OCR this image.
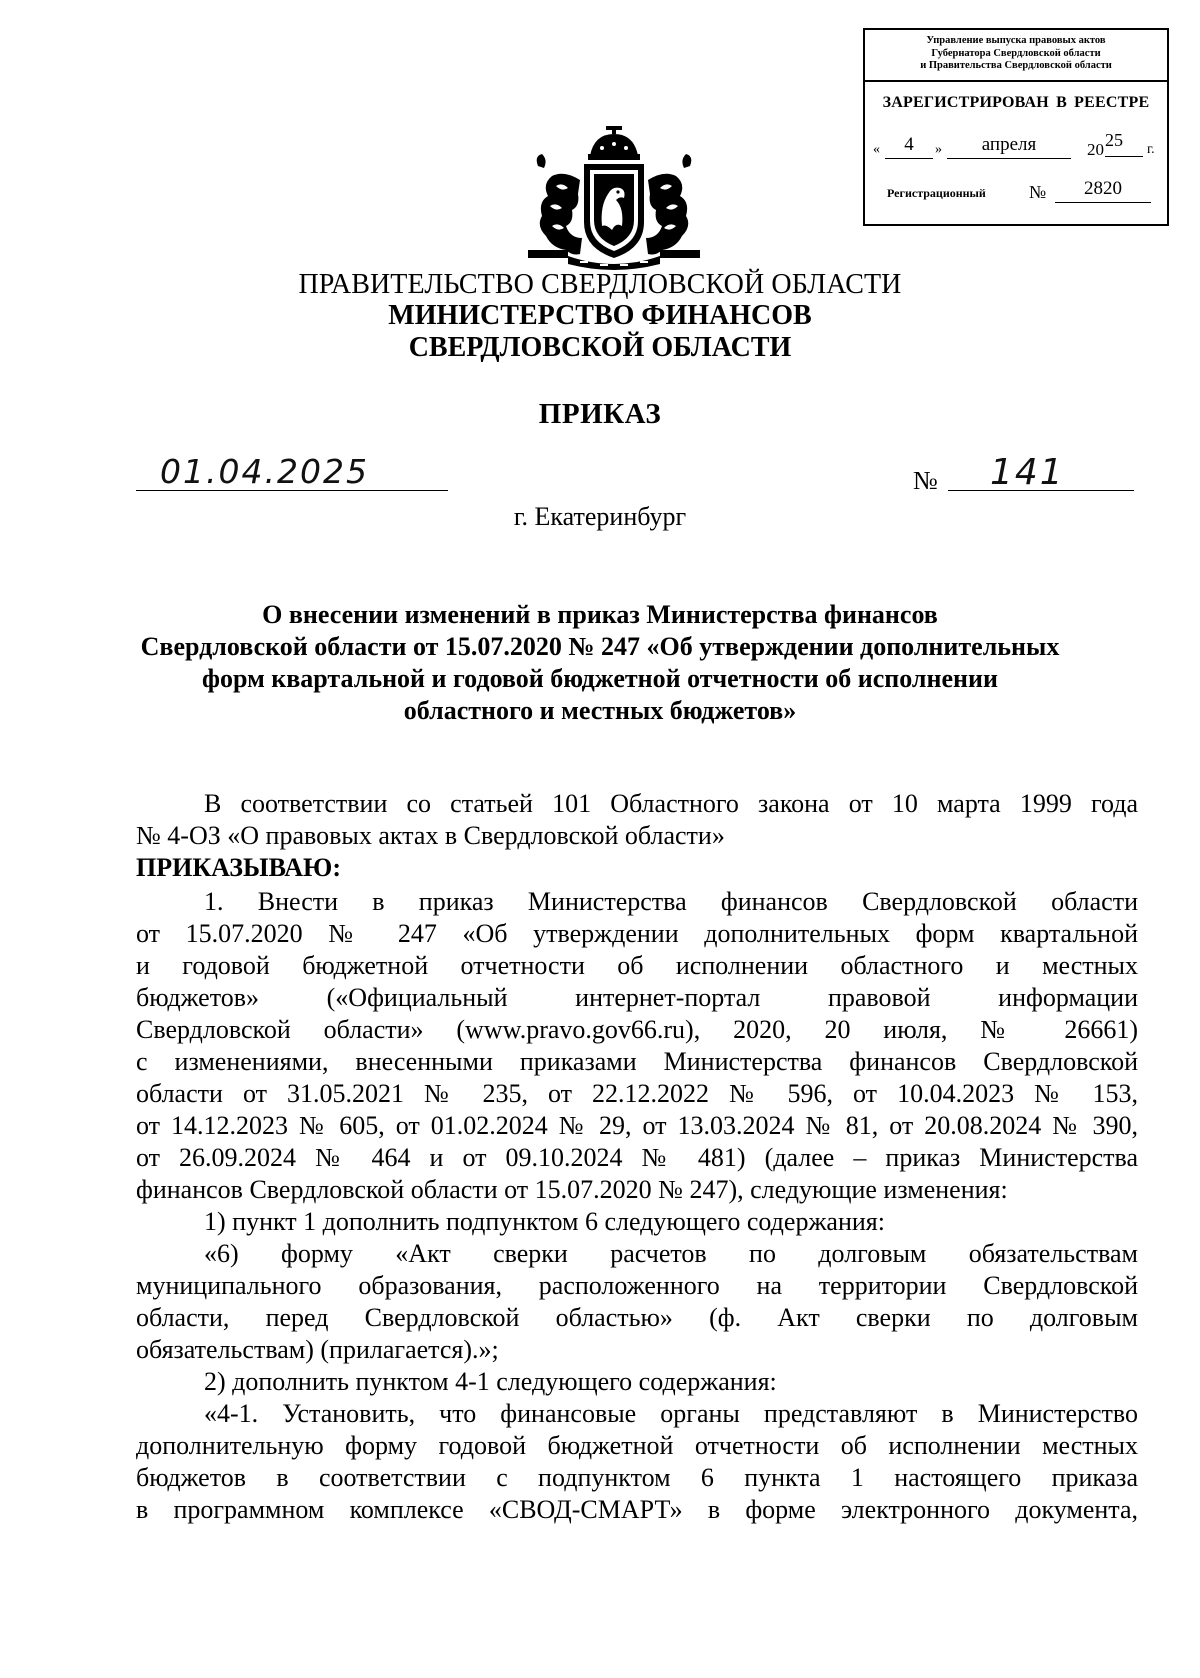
Управление выпуска правовых актов
Губернатора Свердловской области
и Правительства Свердловской области
ЗАРЕГИСТРИРОВАН В РЕЕСТРЕ
«	4	»	апреля	20 25	г.
Регистрационный №	2820
ПРАВИТЕЛЬСТВО СВЕРДЛОВСКОЙ ОБЛАСТИ
МИНИСТЕРСТВО ФИНАНСОВ
СВЕРДЛОВСКОЙ ОБЛАСТИ
ПРИКАЗ
01.04.2025	№ 141
г. Екатеринбург
О внесении изменений в приказ Министерства финансов
Свердловской области от 15.07.2020 № 247 «Об утверждении дополнительных
форм квартальной и годовой бюджетной отчетности об исполнении
областного и местных бюджетов»
В соответствии со статьей 101 Областного закона от 10 марта 1999 года
№ 4-ОЗ «О правовых актах в Свердловской области»
ПРИКАЗЫВАЮ:
1. Внести в приказ Министерства финансов Свердловской области
от 15.07.2020 № 247 «Об утверждении дополнительных форм квартальной
и годовой бюджетной отчетности об исполнении областного и местных
бюджетов» («Официальный интернет-портал правовой информации
Свердловской области» (www.pravo.gov66.ru), 2020, 20 июля, № 26661)
с изменениями, внесенными приказами Министерства финансов Свердловской
области от 31.05.2021 № 235, от 22.12.2022 № 596, от 10.04.2023 № 153,
от 14.12.2023 № 605, от 01.02.2024 № 29, от 13.03.2024 № 81, от 20.08.2024 № 390,
от 26.09.2024 № 464 и от 09.10.2024 № 481) (далее – приказ Министерства
финансов Свердловской области от 15.07.2020 № 247), следующие изменения:
1) пункт 1 дополнить подпунктом 6 следующего содержания:
«6) форму «Акт сверки расчетов по долговым обязательствам
муниципального образования, расположенного на территории Свердловской
области, перед Свердловской областью» (ф. Акт сверки по долговым
обязательствам) (прилагается).»;
2) дополнить пунктом 4-1 следующего содержания:
«4-1. Установить, что финансовые органы представляют в Министерство
дополнительную форму годовой бюджетной отчетности об исполнении местных
бюджетов в соответствии с подпунктом 6 пункта 1 настоящего приказа
в программном комплексе «СВОД-СМАРТ» в форме электронного документа,
